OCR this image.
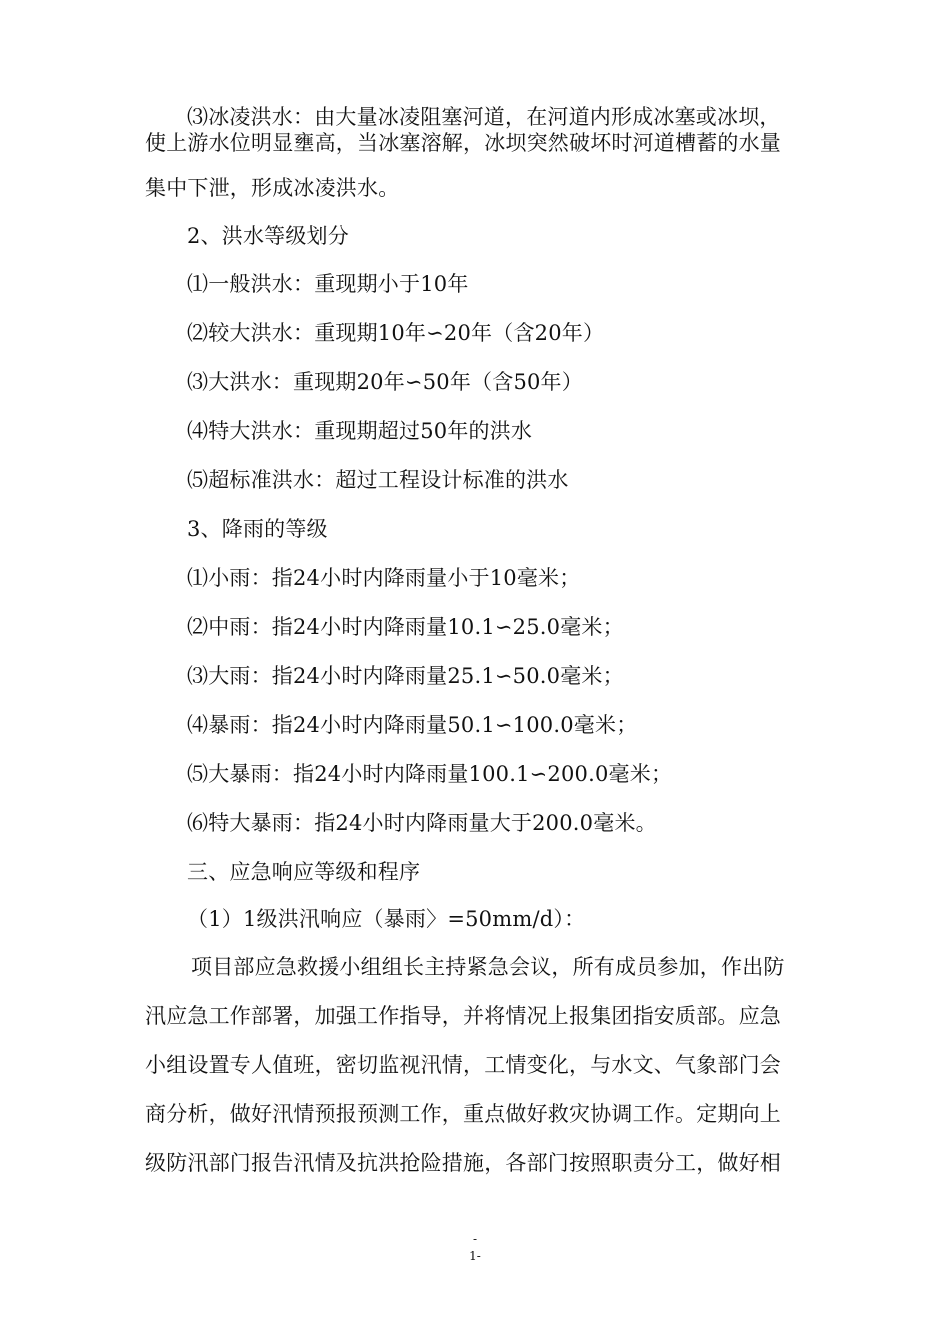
⑶冰凌洪水：由大量冰凌阻塞河道，在河道内形成冰塞或冰坝，
使上游水位明显壅高，当冰塞溶解，冰坝突然破坏时河道槽蓄的水量
集中下泄，形成冰凌洪水。
2、洪水等级划分
⑴一般洪水：重现期小于10年
⑵较大洪水：重现期10年∽20年（含20年）
⑶大洪水：重现期20年∽50年（含50年）
⑷特大洪水：重现期超过50年的洪水
⑸超标准洪水：超过工程设计标准的洪水
3、降雨的等级
⑴小雨：指24小时内降雨量小于10毫米；
⑵中雨：指24小时内降雨量10.1∽25.0毫米；
⑶大雨：指24小时内降雨量25.1∽50.0毫米；
⑷暴雨：指24小时内降雨量50.1∽100.0毫米；
⑸大暴雨：指24小时内降雨量100.1∽200.0毫米；
⑹特大暴雨：指24小时内降雨量大于200.0毫米。
三、应急响应等级和程序
（1）1级洪汛响应（暴雨〉=50mm/d）：
项目部应急救援小组组长主持紧急会议，所有成员参加，作出防
汛应急工作部署，加强工作指导，并将情况上报集团指安质部。应急
小组设置专人值班，密切监视汛情，工情变化，与水文、气象部门会
商分析，做好汛情预报预测工作，重点做好救灾协调工作。定期向上
级防汛部门报告汛情及抗洪抢险措施，各部门按照职责分工，做好相
-
1-
